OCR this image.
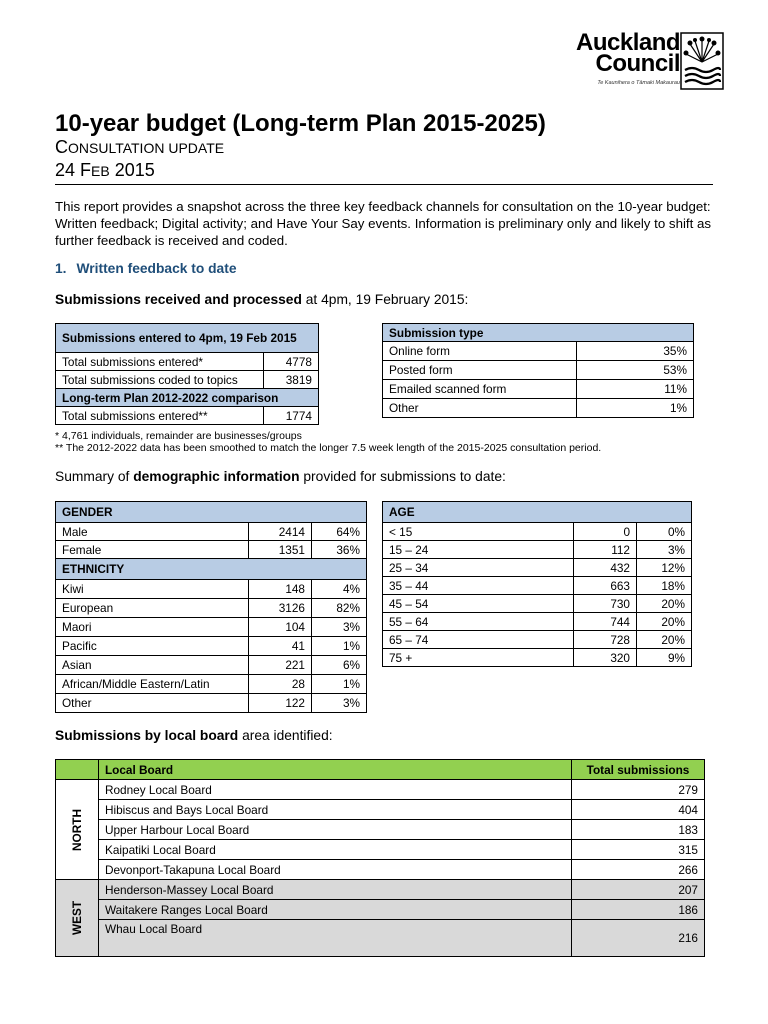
Auckland
Council
Te Kaunihera o Tāmaki Makaurau
10-year budget (Long-term Plan 2015-2025)
CONSULTATION UPDATE
24 FEB 2015
This report provides a snapshot across the three key feedback channels for consultation on the 10-year budget: Written feedback; Digital activity; and Have Your Say events. Information is preliminary only and likely to shift as further feedback is received and coded.
1. Written feedback to date
Submissions received and processed at 4pm, 19 February 2015:
Submissions entered to 4pm, 19 Feb 2015	
Total submissions entered*	4778
Total submissions coded to topics	3819
Long-term Plan 2012-2022 comparison	
Total submissions entered**	1774
Submission type	
Online form	35%
Posted form	53%
Emailed scanned form	11%
Other	1%
* 4,761 individuals, remainder are businesses/groups
** The 2012-2022 data has been smoothed to match the longer 7.5 week length of the 2015-2025 consultation period.
Summary of demographic information provided for submissions to date:
GENDER		
Male	2414	64%
Female	1351	36%
ETHNICITY		
Kiwi	148	4%
European	3126	82%
Maori	104	3%
Pacific	41	1%
Asian	221	6%
African/Middle Eastern/Latin	28	1%
Other	122	3%
AGE		
< 15	0	0%
15 – 24	112	3%
25 – 34	432	12%
35 – 44	663	18%
45 – 54	730	20%
55 – 64	744	20%
65 – 74	728	20%
75 +	320	9%
Submissions by local board area identified:
	Local Board	Total submissions
NORTH	Rodney Local Board	279
	Hibiscus and Bays Local Board	404
	Upper Harbour Local Board	183
	Kaipatiki Local Board	315
	Devonport-Takapuna Local Board	266
WEST	Henderson-Massey Local Board	207
	Waitakere Ranges Local Board	186
	Whau Local Board	216
